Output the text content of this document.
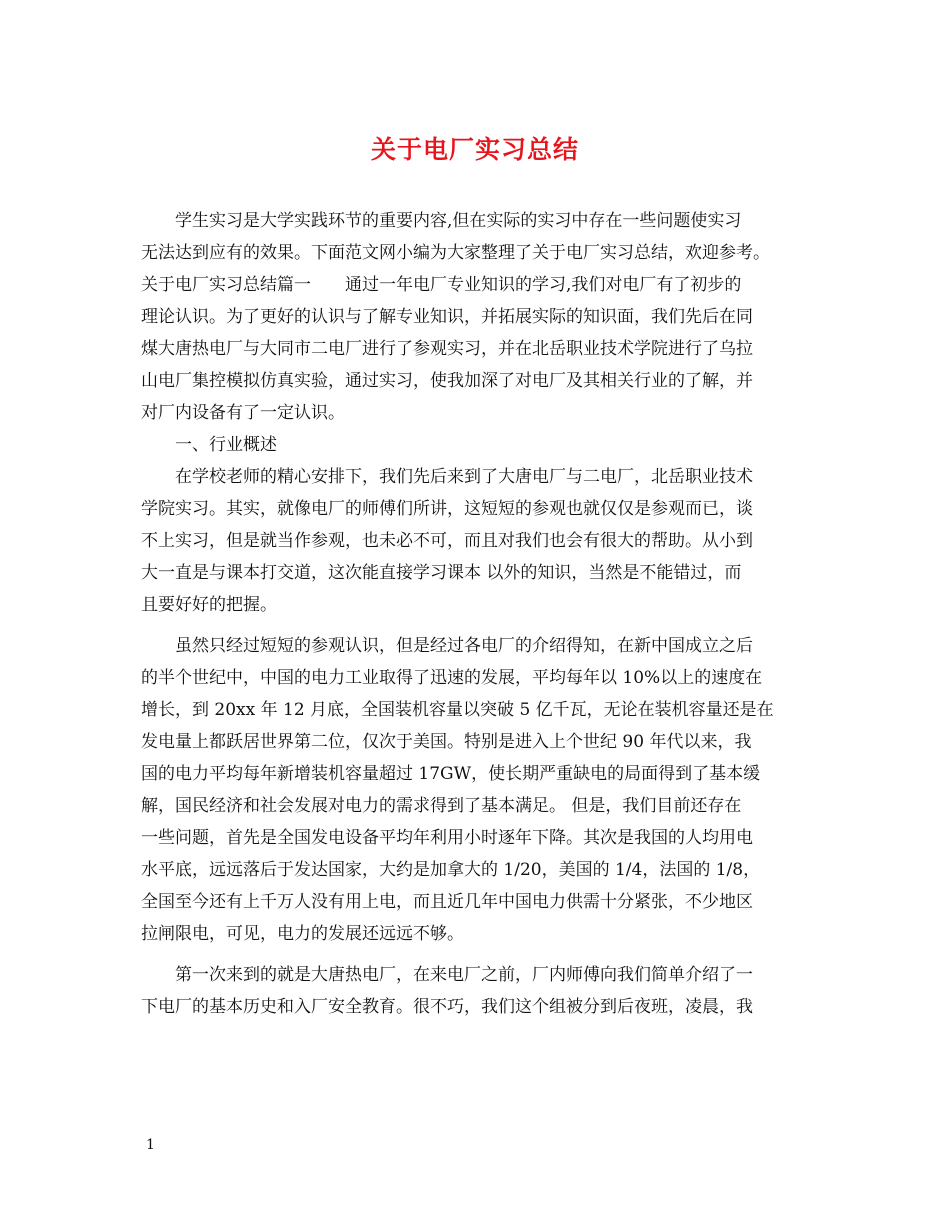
关于电厂实习总结
学生实习是大学实践环节的重要内容,但在实际的实习中存在一些问题使实习
无法达到应有的效果。下面范文网小编为大家整理了关于电厂实习总结，欢迎参考。
关于电厂实习总结篇一　　通过一年电厂专业知识的学习,我们对电厂有了初步的
理论认识。为了更好的认识与了解专业知识，并拓展实际的知识面，我们先后在同
煤大唐热电厂与大同市二电厂进行了参观实习，并在北岳职业技术学院进行了乌拉
山电厂集控模拟仿真实验，通过实习，使我加深了对电厂及其相关行业的了解，并
对厂内设备有了一定认识。
一、行业概述
在学校老师的精心安排下，我们先后来到了大唐电厂与二电厂，北岳职业技术
学院实习。其实，就像电厂的师傅们所讲，这短短的参观也就仅仅是参观而已，谈
不上实习，但是就当作参观，也未必不可，而且对我们也会有很大的帮助。从小到
大一直是与课本打交道，这次能直接学习课本 以外的知识，当然是不能错过，而
且要好好的把握。
虽然只经过短短的参观认识，但是经过各电厂的介绍得知，在新中国成立之后
的半个世纪中，中国的电力工业取得了迅速的发展，平均每年以 10%以上的速度在
增长，到 20xx 年 12 月底，全国装机容量以突破 5 亿千瓦，无论在装机容量还是在
发电量上都跃居世界第二位，仅次于美国。特别是进入上个世纪 90 年代以来，我
国的电力平均每年新增装机容量超过 17GW，使长期严重缺电的局面得到了基本缓
解，国民经济和社会发展对电力的需求得到了基本满足。 但是，我们目前还存在
一些问题，首先是全国发电设备平均年利用小时逐年下降。其次是我国的人均用电
水平底，远远落后于发达国家，大约是加拿大的 1/20，美国的 1/4，法国的 1/8，
全国至今还有上千万人没有用上电，而且近几年中国电力供需十分紧张，不少地区
拉闸限电，可见，电力的发展还远远不够。
第一次来到的就是大唐热电厂，在来电厂之前，厂内师傅向我们简单介绍了一
下电厂的基本历史和入厂安全教育。很不巧，我们这个组被分到后夜班，凌晨，我
1
